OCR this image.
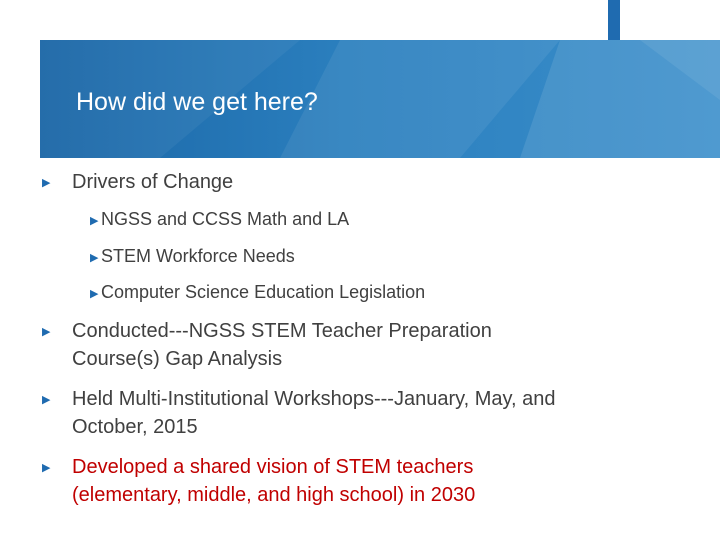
How did we get here?
▶ Drivers of Change
▶ NGSS and CCSS Math and LA
▶ STEM Workforce Needs
▶ Computer Science Education Legislation
▶ Conducted---NGSS STEM Teacher Preparation
Course(s) Gap Analysis
▶ Held Multi-Institutional Workshops---January, May, and
October, 2015
▶ Developed a shared vision of STEM teachers
(elementary, middle, and high school) in 2030
